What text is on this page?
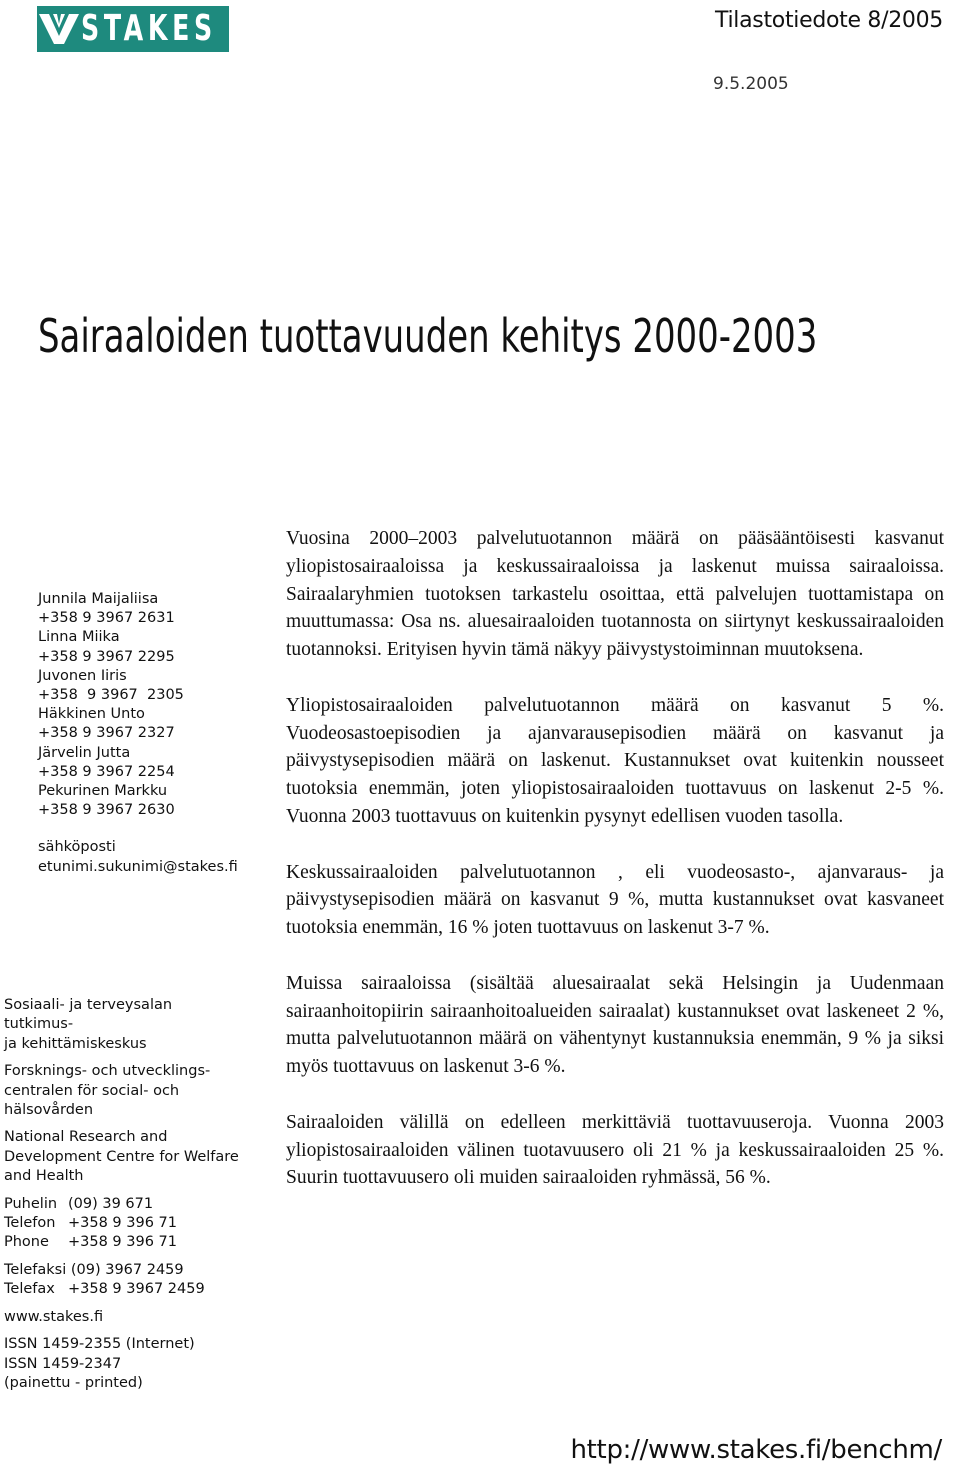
STAKES	Tilastotiedote 8/2005
9.5.2005
Sairaaloiden tuottavuuden kehitys 2000-2003
Junnila Maijaliisa
+358 9 3967 2631
Linna Miika
+358 9 3967 2295
Juvonen Iiris
+358  9 3967  2305
Häkkinen Unto
+358 9 3967 2327
Järvelin Jutta
+358 9 3967 2254
Pekurinen Markku
+358 9 3967 2630
sähköposti
etunimi.sukunimi@stakes.fi
Sosiaali- ja terveysalan tutkimus-
ja kehittämiskeskus
Forsknings- och utvecklings-
centralen för social- och
hälsovården
National Research and
Development Centre for Welfare
and Health
Puhelin (09) 39 671
Telefon +358 9 396 71
Phone	+358 9 396 71
Telefaksi (09) 3967 2459
Telefax +358 9 3967 2459
www.stakes.fi
ISSN 1459-2355 (Internet)
ISSN 1459-2347
(painettu - printed)

Vuosina 2000–2003 palvelutuotannon määrä on pääsääntöisesti kasvanut yliopistosairaaloissa ja keskussairaaloissa ja laskenut muissa sairaaloissa. Sairaalaryhmien tuotoksen tarkastelu osoittaa, että palvelujen tuottamistapa on muuttumassa: Osa ns. aluesairaaloiden tuotannosta on siirtynyt keskussairaaloiden tuotannoksi. Erityisen hyvin tämä näkyy päivystystoiminnan muutoksena.

Yliopistosairaaloiden palvelutuotannon määrä on kasvanut 5 %. Vuodeosastoepisodien ja ajanvarausepisodien määrä on kasvanut ja päivystysepisodien määrä on laskenut. Kustannukset ovat kuitenkin nousseet tuotoksia enemmän, joten yliopistosairaaloiden tuottavuus on laskenut 2-5 %. Vuonna 2003 tuottavuus on kuitenkin pysynyt edellisen vuoden tasolla.

Keskussairaaloiden palvelutuotannon , eli vuodeosasto-, ajanvaraus- ja päivystysepisodien määrä on kasvanut 9 %, mutta kustannukset ovat kasvaneet tuotoksia enemmän, 16 % joten tuottavuus on laskenut 3-7 %.

Muissa sairaaloissa (sisältää aluesairaalat sekä Helsingin ja Uudenmaan sairaanhoitopiirin sairaanhoitoalueiden sairaalat) kustannukset ovat laskeneet 2 %, mutta palvelutuotannon määrä on vähentynyt kustannuksia enemmän, 9 % ja siksi myös tuottavuus on laskenut 3-6 %.

Sairaaloiden välillä on edelleen merkittäviä tuottavuuseroja. Vuonna 2003 yliopistosairaaloiden välinen tuotavuusero oli 21 % ja keskussairaaloiden 25 %. Suurin tuottavuusero oli muiden sairaaloiden ryhmässä, 56 %.

http://www.stakes.fi/benchm/
